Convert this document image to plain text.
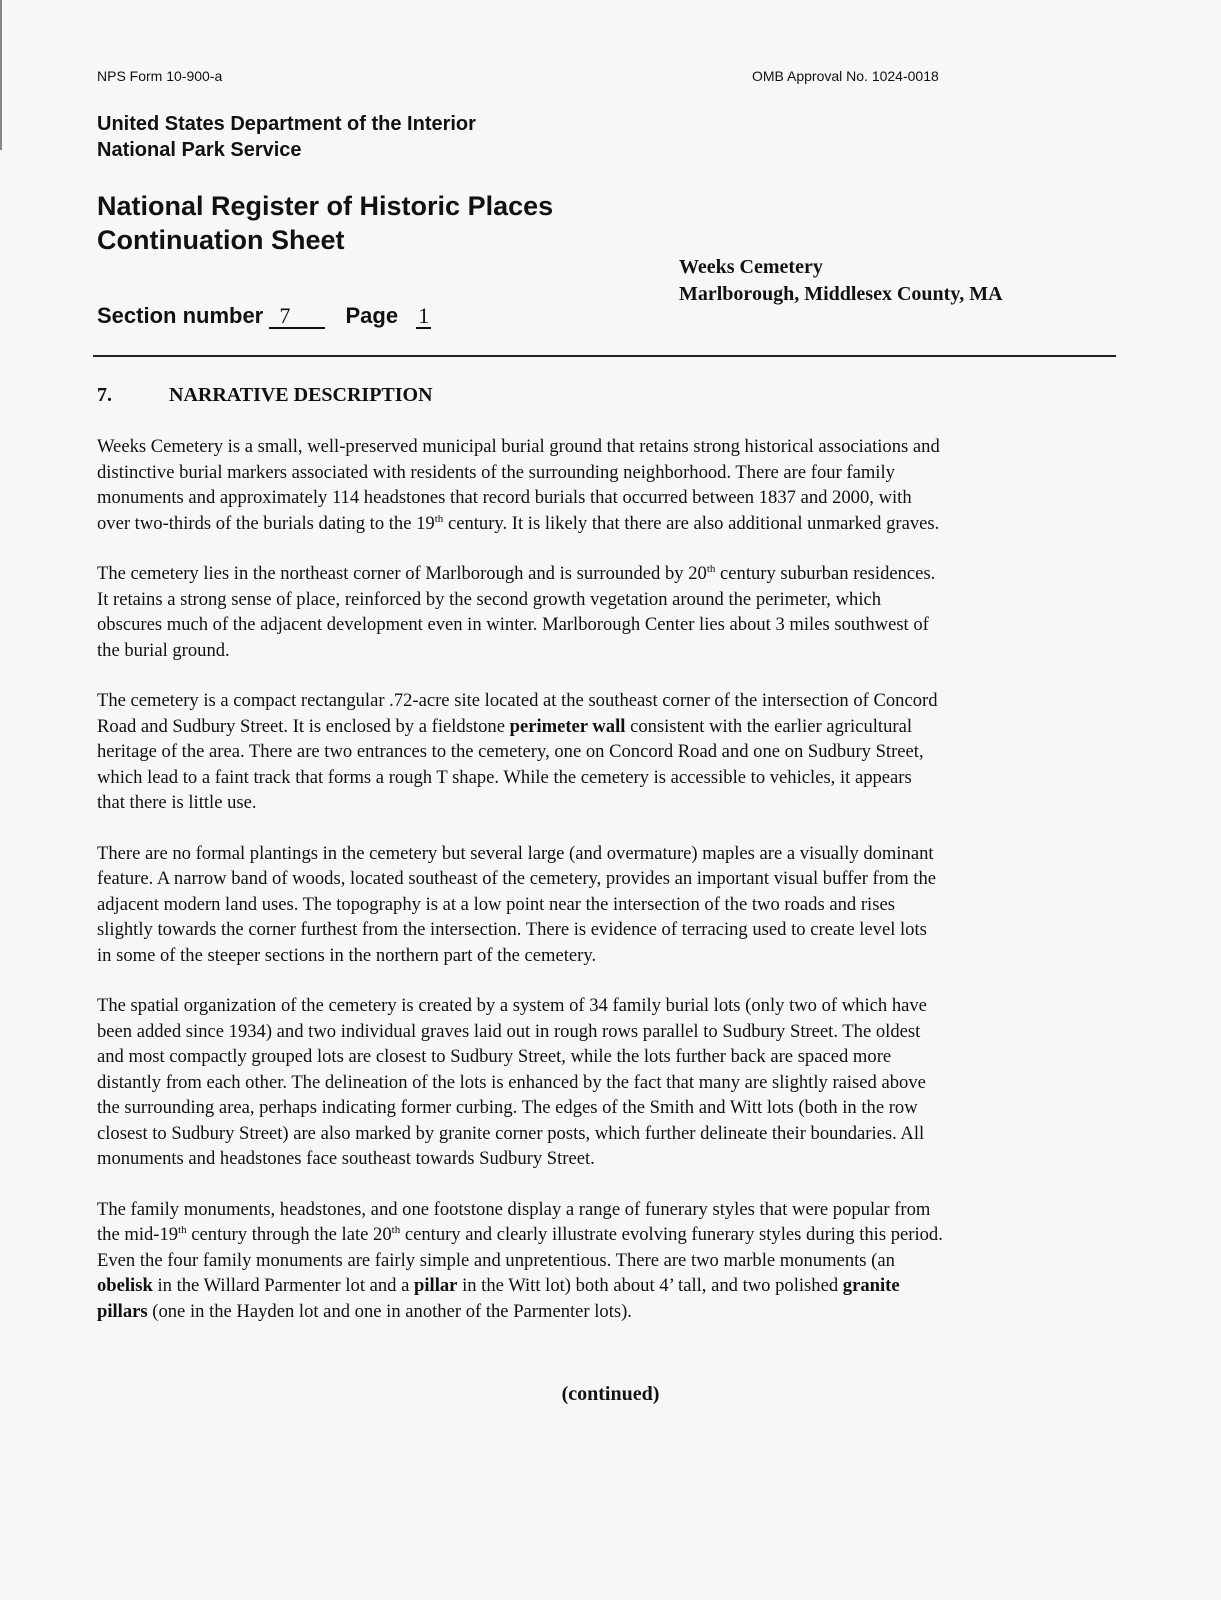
NPS Form 10-900-a	OMB Approval No. 1024-0018
United States Department of the Interior
National Park Service
National Register of Historic Places
Continuation Sheet
Weeks Cemetery
Marlborough, Middlesex County, MA
Section number 7	Page 1
7.	NARRATIVE DESCRIPTION

Weeks Cemetery is a small, well-preserved municipal burial ground that retains strong historical associations and
distinctive burial markers associated with residents of the surrounding neighborhood. There are four family
monuments and approximately 114 headstones that record burials that occurred between 1837 and 2000, with
over two-thirds of the burials dating to the 19th century. It is likely that there are also additional unmarked graves.

The cemetery lies in the northeast corner of Marlborough and is surrounded by 20th century suburban residences.
It retains a strong sense of place, reinforced by the second growth vegetation around the perimeter, which
obscures much of the adjacent development even in winter. Marlborough Center lies about 3 miles southwest of
the burial ground.

The cemetery is a compact rectangular .72-acre site located at the southeast corner of the intersection of Concord
Road and Sudbury Street. It is enclosed by a fieldstone perimeter wall consistent with the earlier agricultural
heritage of the area. There are two entrances to the cemetery, one on Concord Road and one on Sudbury Street,
which lead to a faint track that forms a rough T shape. While the cemetery is accessible to vehicles, it appears
that there is little use.

There are no formal plantings in the cemetery but several large (and overmature) maples are a visually dominant
feature. A narrow band of woods, located southeast of the cemetery, provides an important visual buffer from the
adjacent modern land uses. The topography is at a low point near the intersection of the two roads and rises
slightly towards the corner furthest from the intersection. There is evidence of terracing used to create level lots
in some of the steeper sections in the northern part of the cemetery.

The spatial organization of the cemetery is created by a system of 34 family burial lots (only two of which have
been added since 1934) and two individual graves laid out in rough rows parallel to Sudbury Street. The oldest
and most compactly grouped lots are closest to Sudbury Street, while the lots further back are spaced more
distantly from each other. The delineation of the lots is enhanced by the fact that many are slightly raised above
the surrounding area, perhaps indicating former curbing. The edges of the Smith and Witt lots (both in the row
closest to Sudbury Street) are also marked by granite corner posts, which further delineate their boundaries. All
monuments and headstones face southeast towards Sudbury Street.

The family monuments, headstones, and one footstone display a range of funerary styles that were popular from
the mid-19th century through the late 20th century and clearly illustrate evolving funerary styles during this period.
Even the four family monuments are fairly simple and unpretentious. There are two marble monuments (an
obelisk in the Willard Parmenter lot and a pillar in the Witt lot) both about 4’ tall, and two polished granite
pillars (one in the Hayden lot and one in another of the Parmenter lots).

(continued)
